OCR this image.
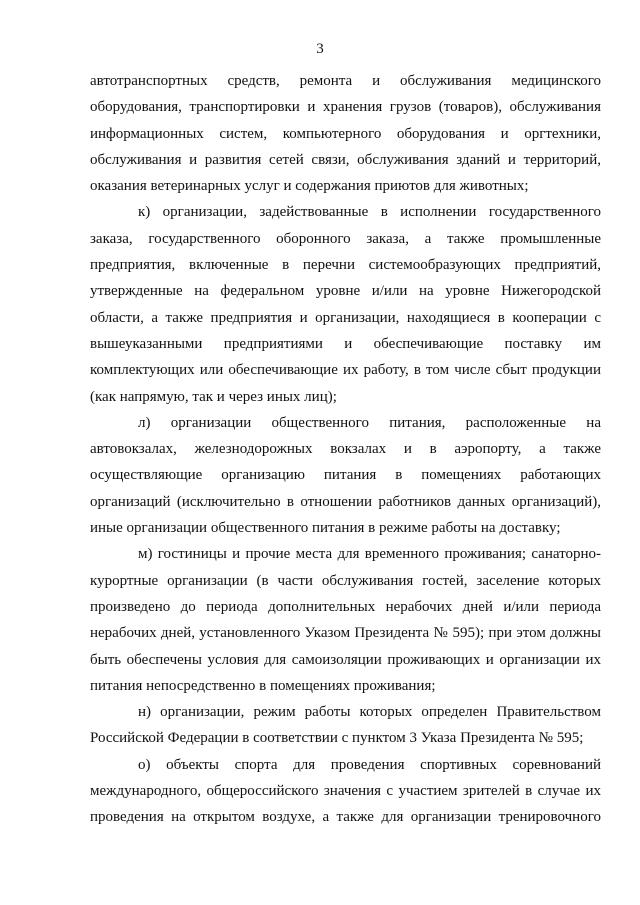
3

автотранспортных средств, ремонта и обслуживания медицинского
оборудования, транспортировки и хранения грузов (товаров), обслуживания
информационных систем, компьютерного оборудования и оргтехники,
обслуживания и развития сетей связи, обслуживания зданий и территорий,
оказания ветеринарных услуг и содержания приютов для животных;

к) организации, задействованные в исполнении государственного
заказа, государственного оборонного заказа, а также промышленные
предприятия, включенные в перечни системообразующих предприятий,
утвержденные на федеральном уровне и/или на уровне Нижегородской
области, а также предприятия и организации, находящиеся в кооперации с
вышеуказанными предприятиями и обеспечивающие поставку им
комплектующих или обеспечивающие их работу, в том числе сбыт продукции
(как напрямую, так и через иных лиц);

л) организации общественного питания, расположенные на
автовокзалах, железнодорожных вокзалах и в аэропорту, а также
осуществляющие организацию питания в помещениях работающих
организаций (исключительно в отношении работников данных организаций),
иные организации общественного питания в режиме работы на доставку;

м) гостиницы и прочие места для временного проживания; санаторно-
курортные организации (в части обслуживания гостей, заселение которых
произведено до периода дополнительных нерабочих дней и/или периода
нерабочих дней, установленного Указом Президента № 595); при этом должны
быть обеспечены условия для самоизоляции проживающих и организации их
питания непосредственно в помещениях проживания;

н) организации, режим работы которых определен Правительством
Российской Федерации в соответствии с пунктом 3 Указа Президента № 595;

о) объекты спорта для проведения спортивных соревнований
международного, общероссийского значения с участием зрителей в случае их
проведения на открытом воздухе, а также для организации тренировочного
